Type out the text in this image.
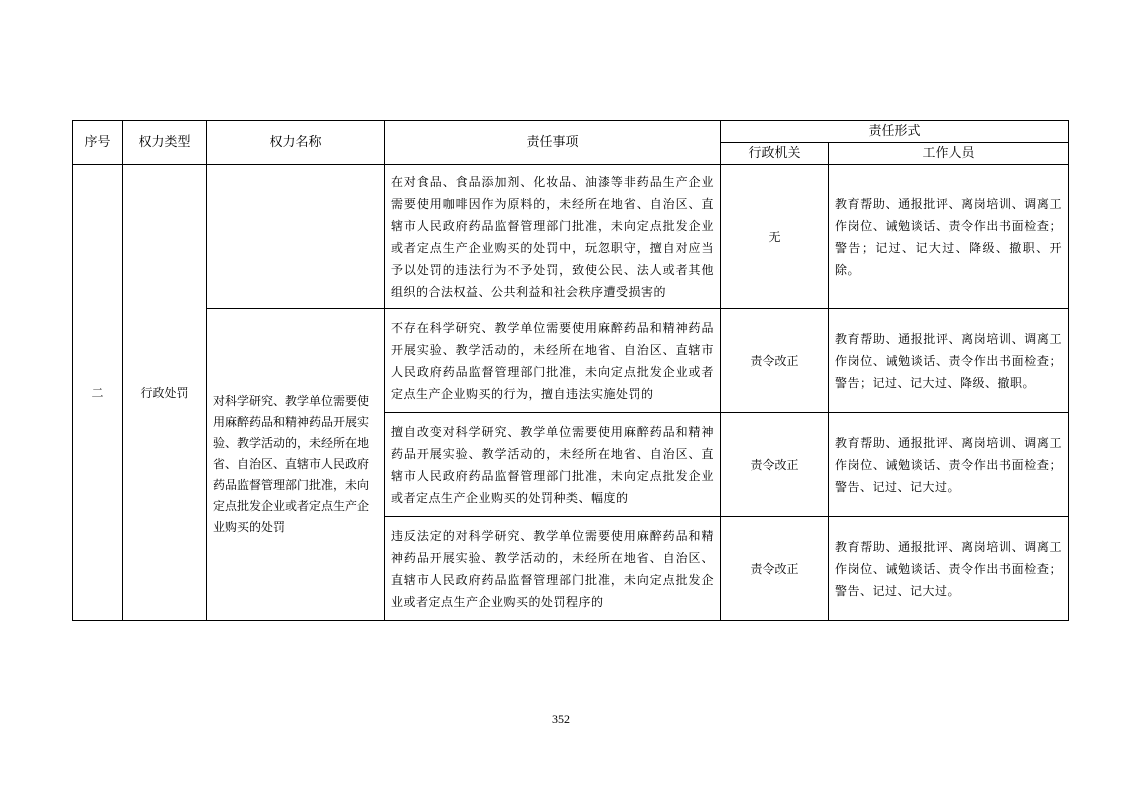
序号	权力类型	权力名称	责任事项	责任形式	
				行政机关	工作人员
二	行政处罚		在对食品、食品添加剂、化妆品、油漆等非药品生产企业需要使用咖啡因作为原料的，未经所在地省、自治区、直辖市人民政府药品监督管理部门批准，未向定点批发企业或者定点生产企业购买的处罚中，玩忽职守，擅自对应当予以处罚的违法行为不予处罚，致使公民、法人或者其他组织的合法权益、公共利益和社会秩序遭受损害的	无	教育帮助、通报批评、离岗培训、调离工作岗位、诫勉谈话、责令作出书面检查；警告；记过、记大过、降级、撤职、开除。
		对科学研究、教学单位需要使用麻醉药品和精神药品开展实验、教学活动的，未经所在地省、自治区、直辖市人民政府药品监督管理部门批准，未向定点批发企业或者定点生产企业购买的处罚	不存在科学研究、教学单位需要使用麻醉药品和精神药品开展实验、教学活动的，未经所在地省、自治区、直辖市人民政府药品监督管理部门批准，未向定点批发企业或者定点生产企业购买的行为，擅自违法实施处罚的	责令改正	教育帮助、通报批评、离岗培训、调离工作岗位、诫勉谈话、责令作出书面检查；警告；记过、记大过、降级、撤职。
			擅自改变对科学研究、教学单位需要使用麻醉药品和精神药品开展实验、教学活动的，未经所在地省、自治区、直辖市人民政府药品监督管理部门批准，未向定点批发企业或者定点生产企业购买的处罚种类、幅度的	责令改正	教育帮助、通报批评、离岗培训、调离工作岗位、诫勉谈话、责令作出书面检查；警告、记过、记大过。
			违反法定的对科学研究、教学单位需要使用麻醉药品和精神药品开展实验、教学活动的，未经所在地省、自治区、直辖市人民政府药品监督管理部门批准，未向定点批发企业或者定点生产企业购买的处罚程序的	责令改正	教育帮助、通报批评、离岗培训、调离工作岗位、诫勉谈话、责令作出书面检查；警告、记过、记大过。
352
